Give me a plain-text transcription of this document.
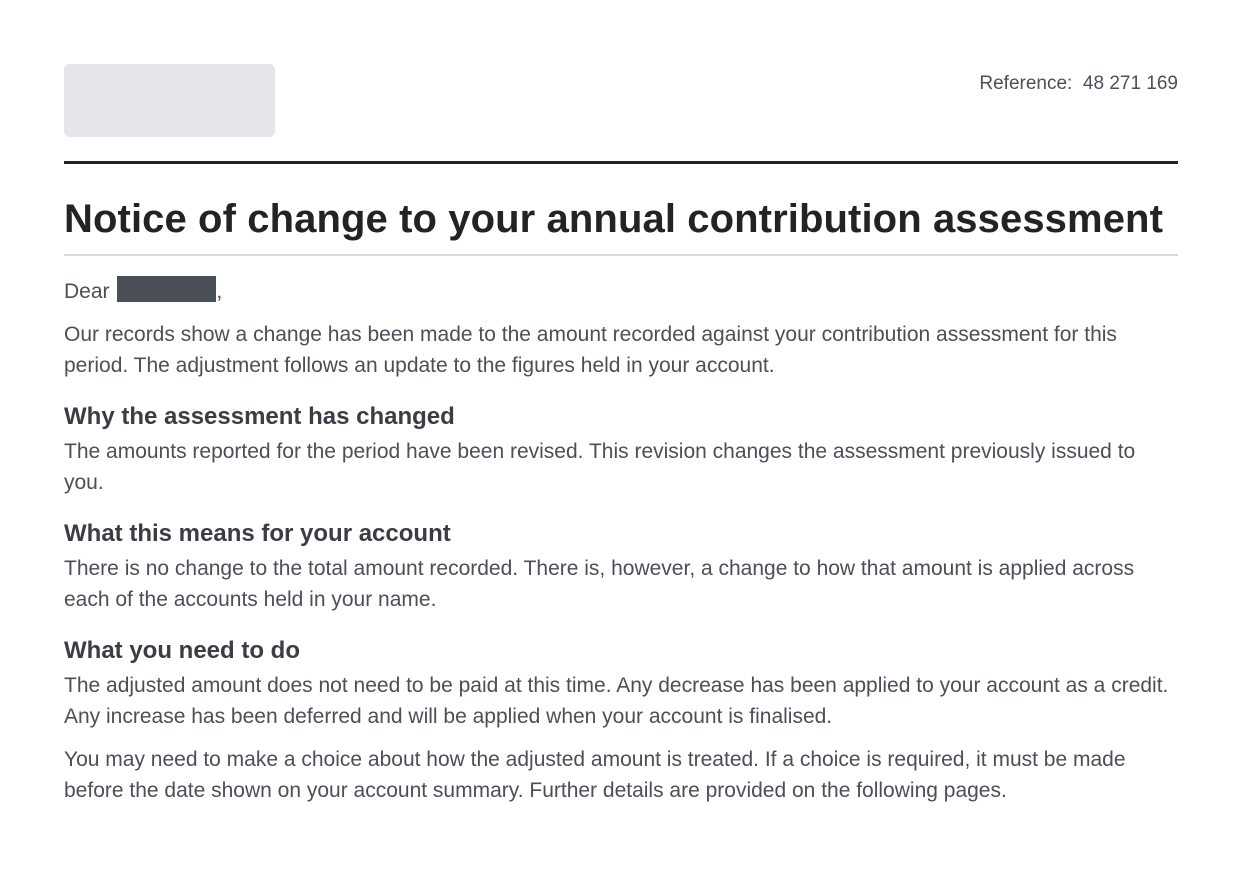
Reference: 48 271 169
Notice of change to your annual contribution assessment

Dear	,

Our records show a change has been made to the amount recorded against your contribution assessment for this period. The adjustment follows an update to the figures held in your account.

Why the assessment has changed

The amounts reported for the period have been revised. This revision changes the assessment previously issued to you.

What this means for your account

There is no change to the total amount recorded. There is, however, a change to how that amount is applied across each of the accounts held in your name.

What you need to do

The adjusted amount does not need to be paid at this time. Any decrease has been applied to your account as a credit. Any increase has been deferred and will be applied when your account is finalised.

You may need to make a choice about how the adjusted amount is treated. If a choice is required, it must be made before the date shown on your account summary. Further details are provided on the following pages.
